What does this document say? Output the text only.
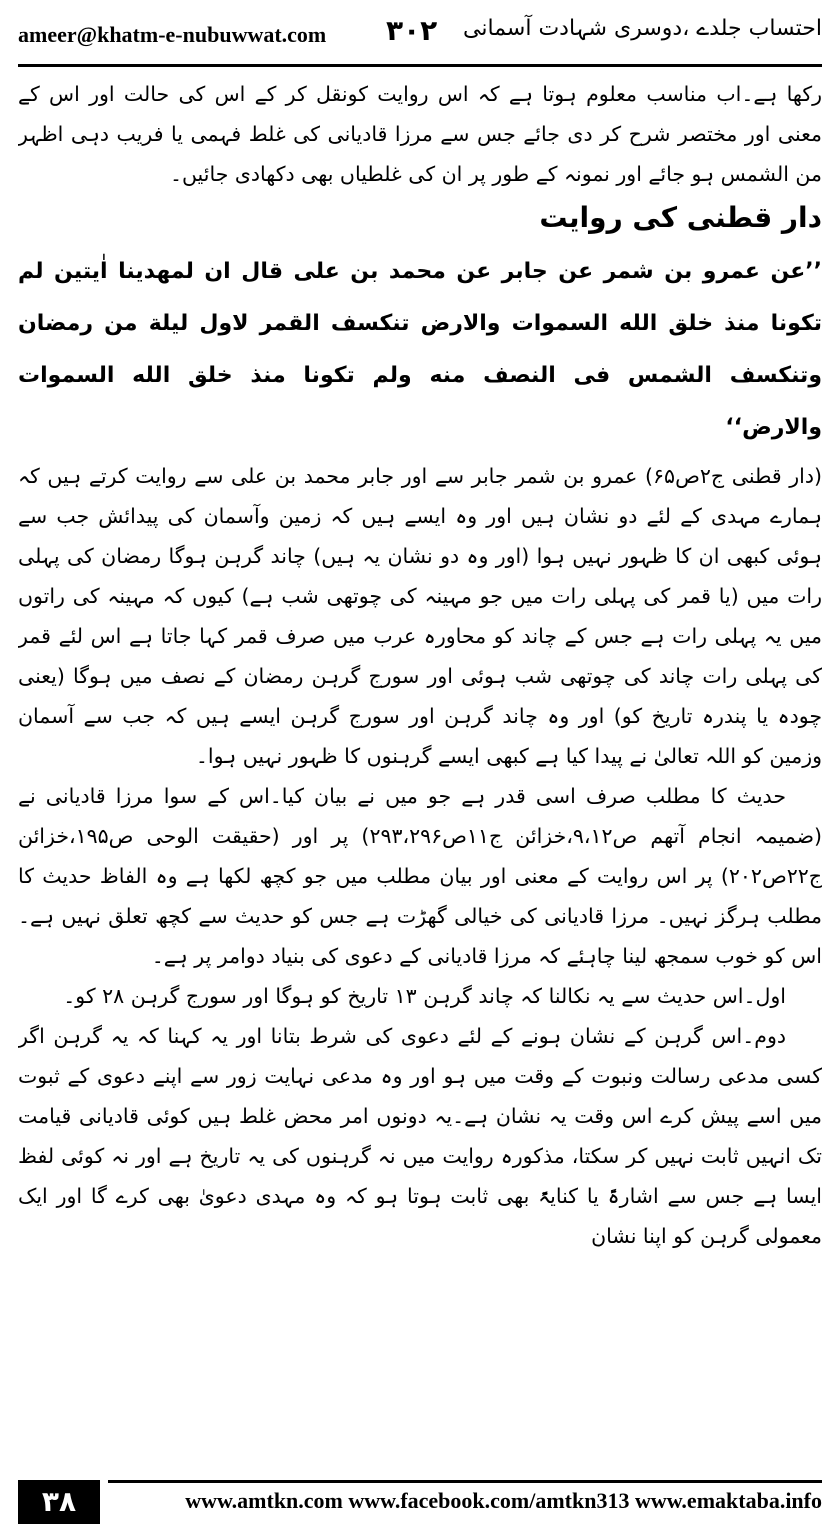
ameer@khatm-e-nubuwwat.com ۳۰۲ احتساب جلدے ،دوسری شہادت آسمانی

رکھا ہے۔اب مناسب معلوم ہوتا ہے کہ اس روایت کونقل کر کے اس کی حالت اور اس کے معنی اور مختصر شرح کر دی جائے جس سے مرزا قادیانی کی غلط فہمی یا فریب دہی اظہر من الشمس ہو جائے اور نمونہ کے طور پر ان کی غلطیاں بھی دکھادی جائیں۔

دار قطنی کی روایت

’’عن عمرو بن شمر عن جابر عن محمد بن علی قال ان لمهدینا اٰیتین لم تکونا منذ خلق الله السموات والارض تنکسف القمر لاول لیلة من رمضان وتنکسف الشمس فی النصف منه ولم تکونا منذ خلق الله السموات والارض‘‘

(دار قطنی ج۲ص۶۵) عمرو بن شمر جابر سے اور جابر محمد بن علی سے روایت کرتے ہیں کہ ہمارے مہدی کے لئے دو نشان ہیں اور وہ ایسے ہیں کہ زمین وآسمان کی پیدائش جب سے ہوئی کبھی ان کا ظہور نہیں ہوا (اور وہ دو نشان یہ ہیں) چاند گرہن ہوگا رمضان کی پہلی رات میں (یا قمر کی پہلی رات میں جو مہینہ کی چوتھی شب ہے) کیوں کہ مہینہ کی راتوں میں یہ پہلی رات ہے جس کے چاند کو محاورہ عرب میں صرف قمر کہا جاتا ہے اس لئے قمر کی پہلی رات چاند کی چوتھی شب ہوئی اور سورج گرہن رمضان کے نصف میں ہوگا (یعنی چودہ یا پندرہ تاریخ کو) اور وہ چاند گرہن اور سورج گرہن ایسے ہیں کہ جب سے آسمان وزمین کو اللہ تعالیٰ نے پیدا کیا ہے کبھی ایسے گرہنوں کا ظہور نہیں ہوا۔

حدیث کا مطلب صرف اسی قدر ہے جو میں نے بیان کیا۔اس کے سوا مرزا قادیانی نے (ضمیمہ انجام آتھم ص۹،۱۲،خزائن ج۱۱ص۲۹۳،۲۹۶) پر اور (حقیقت الوحی ص۱۹۵،خزائن ج۲۲ص۲۰۲) پر اس روایت کے معنی اور بیان مطلب میں جو کچھ لکھا ہے وہ الفاظ حدیث کا مطلب ہرگز نہیں۔ مرزا قادیانی کی خیالی گھڑت ہے جس کو حدیث سے کچھ تعلق نہیں ہے۔اس کو خوب سمجھ لینا چاہئے کہ مرزا قادیانی کے دعوی کی بنیاد دوامر پر ہے۔

اول۔اس حدیث سے یہ نکالنا کہ چاند گرہن ۱۳ تاریخ کو ہوگا اور سورج گرہن ۲۸ کو۔

دوم۔اس گرہن کے نشان ہونے کے لئے دعوی کی شرط بتانا اور یہ کہنا کہ یہ گرہن اگر کسی مدعی رسالت ونبوت کے وقت میں ہو اور وہ مدعی نہایت زور سے اپنے دعوی کے ثبوت میں اسے پیش کرے اس وقت یہ نشان ہے۔یہ دونوں امر محض غلط ہیں کوئی قادیانی قیامت تک انہیں ثابت نہیں کر سکتا، مذکورہ روایت میں نہ گرہنوں کی یہ تاریخ ہے اور نہ کوئی لفظ ایسا ہے جس سے اشارۃً یا کنایۃً بھی ثابت ہوتا ہو کہ وہ مہدی دعویٰ بھی کرے گا اور ایک معمولی گرہن کو اپنا نشان

۳۸	www.amtkn.com www.facebook.com/amtkn313 www.emaktaba.info
